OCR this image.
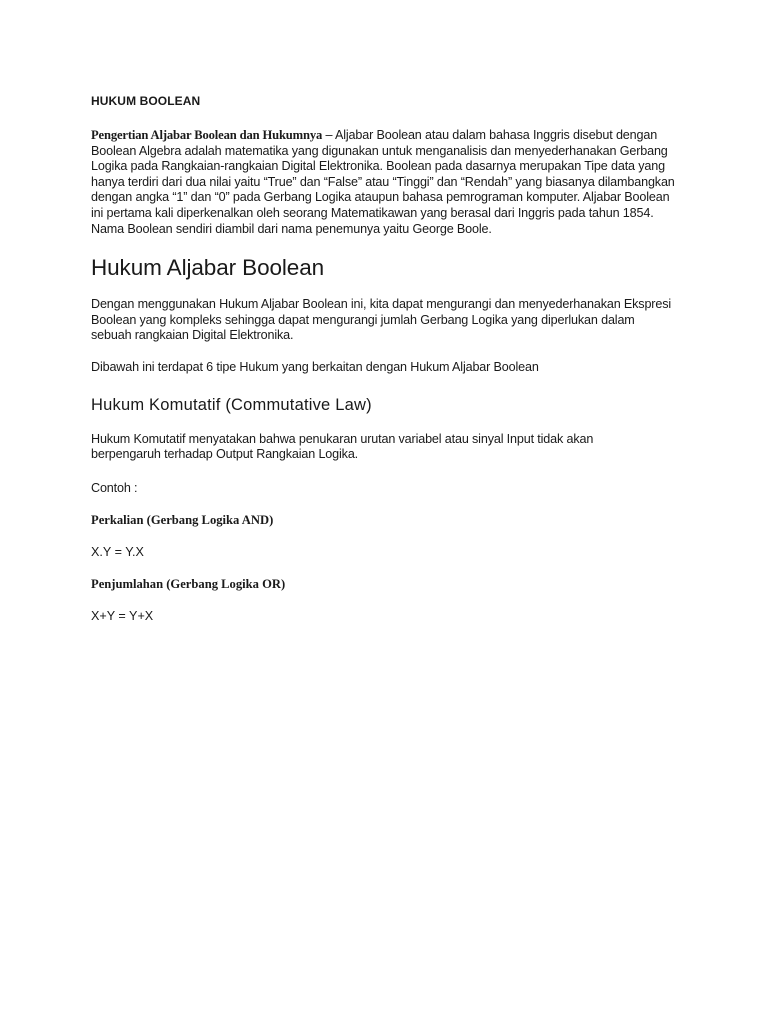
HUKUM BOOLEAN

Pengertian Aljabar Boolean dan Hukumnya – Aljabar Boolean atau dalam bahasa Inggris disebut dengan Boolean Algebra adalah matematika yang digunakan untuk menganalisis dan menyederhanakan Gerbang Logika pada Rangkaian-rangkaian Digital Elektronika. Boolean pada dasarnya merupakan Tipe data yang hanya terdiri dari dua nilai yaitu “True” dan “False” atau “Tinggi” dan “Rendah” yang biasanya dilambangkan dengan angka “1” dan “0” pada Gerbang Logika ataupun bahasa pemrograman komputer. Aljabar Boolean ini pertama kali diperkenalkan oleh seorang Matematikawan yang berasal dari Inggris pada tahun 1854. Nama Boolean sendiri diambil dari nama penemunya yaitu George Boole.

Hukum Aljabar Boolean

Dengan menggunakan Hukum Aljabar Boolean ini, kita dapat mengurangi dan menyederhanakan Ekspresi Boolean yang kompleks sehingga dapat mengurangi jumlah Gerbang Logika yang diperlukan dalam sebuah rangkaian Digital Elektronika.

Dibawah ini terdapat 6 tipe Hukum yang berkaitan dengan Hukum Aljabar Boolean

Hukum Komutatif (Commutative Law)

Hukum Komutatif menyatakan bahwa penukaran urutan variabel atau sinyal Input tidak akan berpengaruh terhadap Output Rangkaian Logika.

Contoh :

Perkalian (Gerbang Logika AND)

X.Y = Y.X

Penjumlahan (Gerbang Logika OR)

X+Y = Y+X
